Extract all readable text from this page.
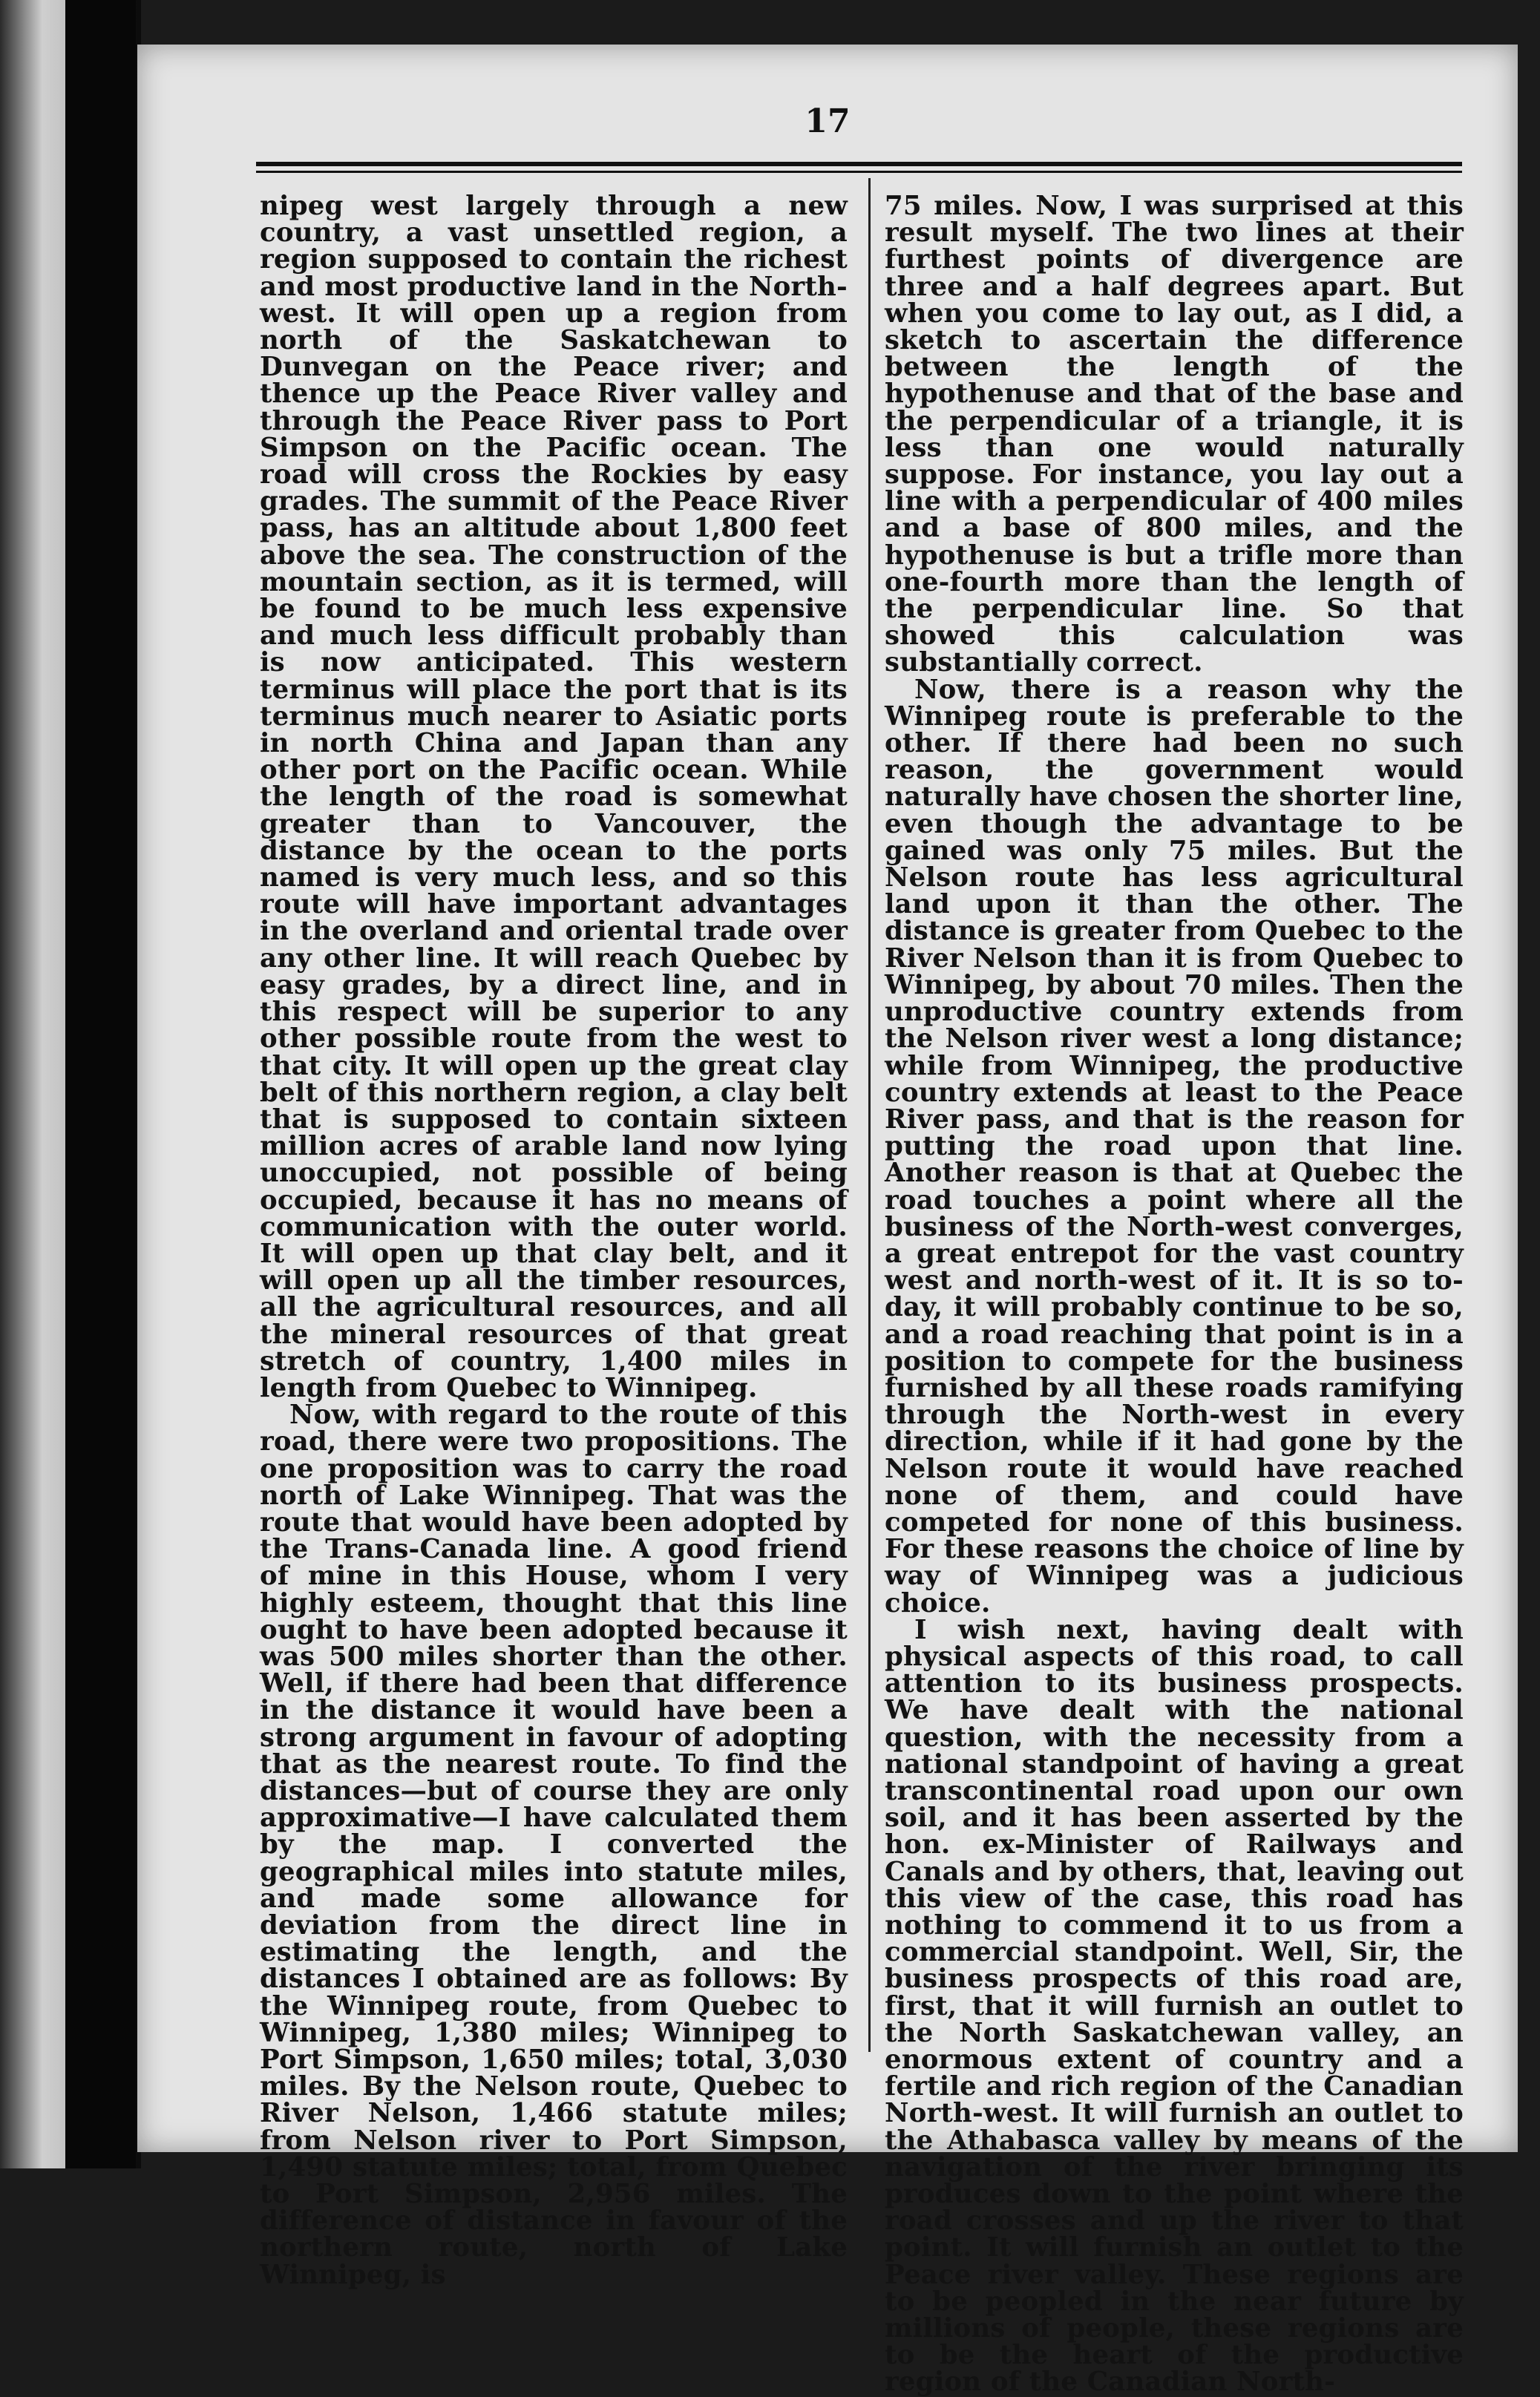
17

nipeg west largely through a new country, a vast unsettled region, a region supposed to contain the richest and most productive land in the North-west. It will open up a region from north of the Saskatchewan to Dunvegan on the Peace river; and thence up the Peace River valley and through the Peace River pass to Port Simpson on the Pacific ocean. The road will cross the Rockies by easy grades. The summit of the Peace River pass, has an altitude about 1,800 feet above the sea. The construction of the mountain section, as it is termed, will be found to be much less expensive and much less difficult probably than is now anticipated. This western terminus will place the port that is its terminus much nearer to Asiatic ports in north China and Japan than any other port on the Pacific ocean. While the length of the road is somewhat greater than to Vancouver, the distance by the ocean to the ports named is very much less, and so this route will have important advantages in the overland and oriental trade over any other line. It will reach Quebec by easy grades, by a direct line, and in this respect will be superior to any other possible route from the west to that city. It will open up the great clay belt of this northern region, a clay belt that is supposed to contain sixteen million acres of arable land now lying unoccupied, not possible of being occupied, because it has no means of communication with the outer world. It will open up that clay belt, and it will open up all the timber resources, all the agricultural resources, and all the mineral resources of that great stretch of country, 1,400 miles in length from Quebec to Winnipeg.

Now, with regard to the route of this road, there were two propositions. The one proposition was to carry the road north of Lake Winnipeg. That was the route that would have been adopted by the Trans-Canada line. A good friend of mine in this House, whom I very highly esteem, thought that this line ought to have been adopted because it was 500 miles shorter than the other. Well, if there had been that difference in the distance it would have been a strong argument in favour of adopting that as the nearest route. To find the distances—but of course they are only approximative—I have calculated them by the map. I converted the geographical miles into statute miles, and made some allowance for deviation from the direct line in estimating the length, and the distances I obtained are as follows: By the Winnipeg route, from Quebec to Winnipeg, 1,380 miles; Winnipeg to Port Simpson, 1,650 miles; total, 3,030 miles. By the Nelson route, Quebec to River Nelson, 1,466 statute miles; from Nelson river to Port Simpson, 1,490 statute miles; total, from Quebec to Port Simpson, 2,956 miles. The difference of distance in favour of the northern route, north of Lake Winnipeg, is

75 miles. Now, I was surprised at this result myself. The two lines at their furthest points of divergence are three and a half degrees apart. But when you come to lay out, as I did, a sketch to ascertain the difference between the length of the hypothenuse and that of the base and the perpendicular of a triangle, it is less than one would naturally suppose. For instance, you lay out a line with a perpendicular of 400 miles and a base of 800 miles, and the hypothenuse is but a trifle more than one-fourth more than the length of the perpendicular line. So that showed this calculation was substantially correct.

Now, there is a reason why the Winnipeg route is preferable to the other. If there had been no such reason, the government would naturally have chosen the shorter line, even though the advantage to be gained was only 75 miles. But the Nelson route has less agricultural land upon it than the other. The distance is greater from Quebec to the River Nelson than it is from Quebec to Winnipeg, by about 70 miles. Then the unproductive country extends from the Nelson river west a long distance; while from Winnipeg, the productive country extends at least to the Peace River pass, and that is the reason for putting the road upon that line. Another reason is that at Quebec the road touches a point where all the business of the North-west converges, a great entrepot for the vast country west and north-west of it. It is so to-day, it will probably continue to be so, and a road reaching that point is in a position to compete for the business furnished by all these roads ramifying through the North-west in every direction, while if it had gone by the Nelson route it would have reached none of them, and could have competed for none of this business. For these reasons the choice of line by way of Winnipeg was a judicious choice.

I wish next, having dealt with physical aspects of this road, to call attention to its business prospects. We have dealt with the national question, with the necessity from a national standpoint of having a great transcontinental road upon our own soil, and it has been asserted by the hon. ex-Minister of Railways and Canals and by others, that, leaving out this view of the case, this road has nothing to commend it to us from a commercial standpoint. Well, Sir, the business prospects of this road are, first, that it will furnish an outlet to the North Saskatchewan valley, an enormous extent of country and a fertile and rich region of the Canadian North-west. It will furnish an outlet to the Athabasca valley by means of the navigation of the river bringing its produces down to the point where the road crosses and up the river to that point. It will furnish an outlet to the Peace river valley. These regions are to be peopled in the near future by millions of people, these regions are to be the heart of the productive region of the Canadian North-
